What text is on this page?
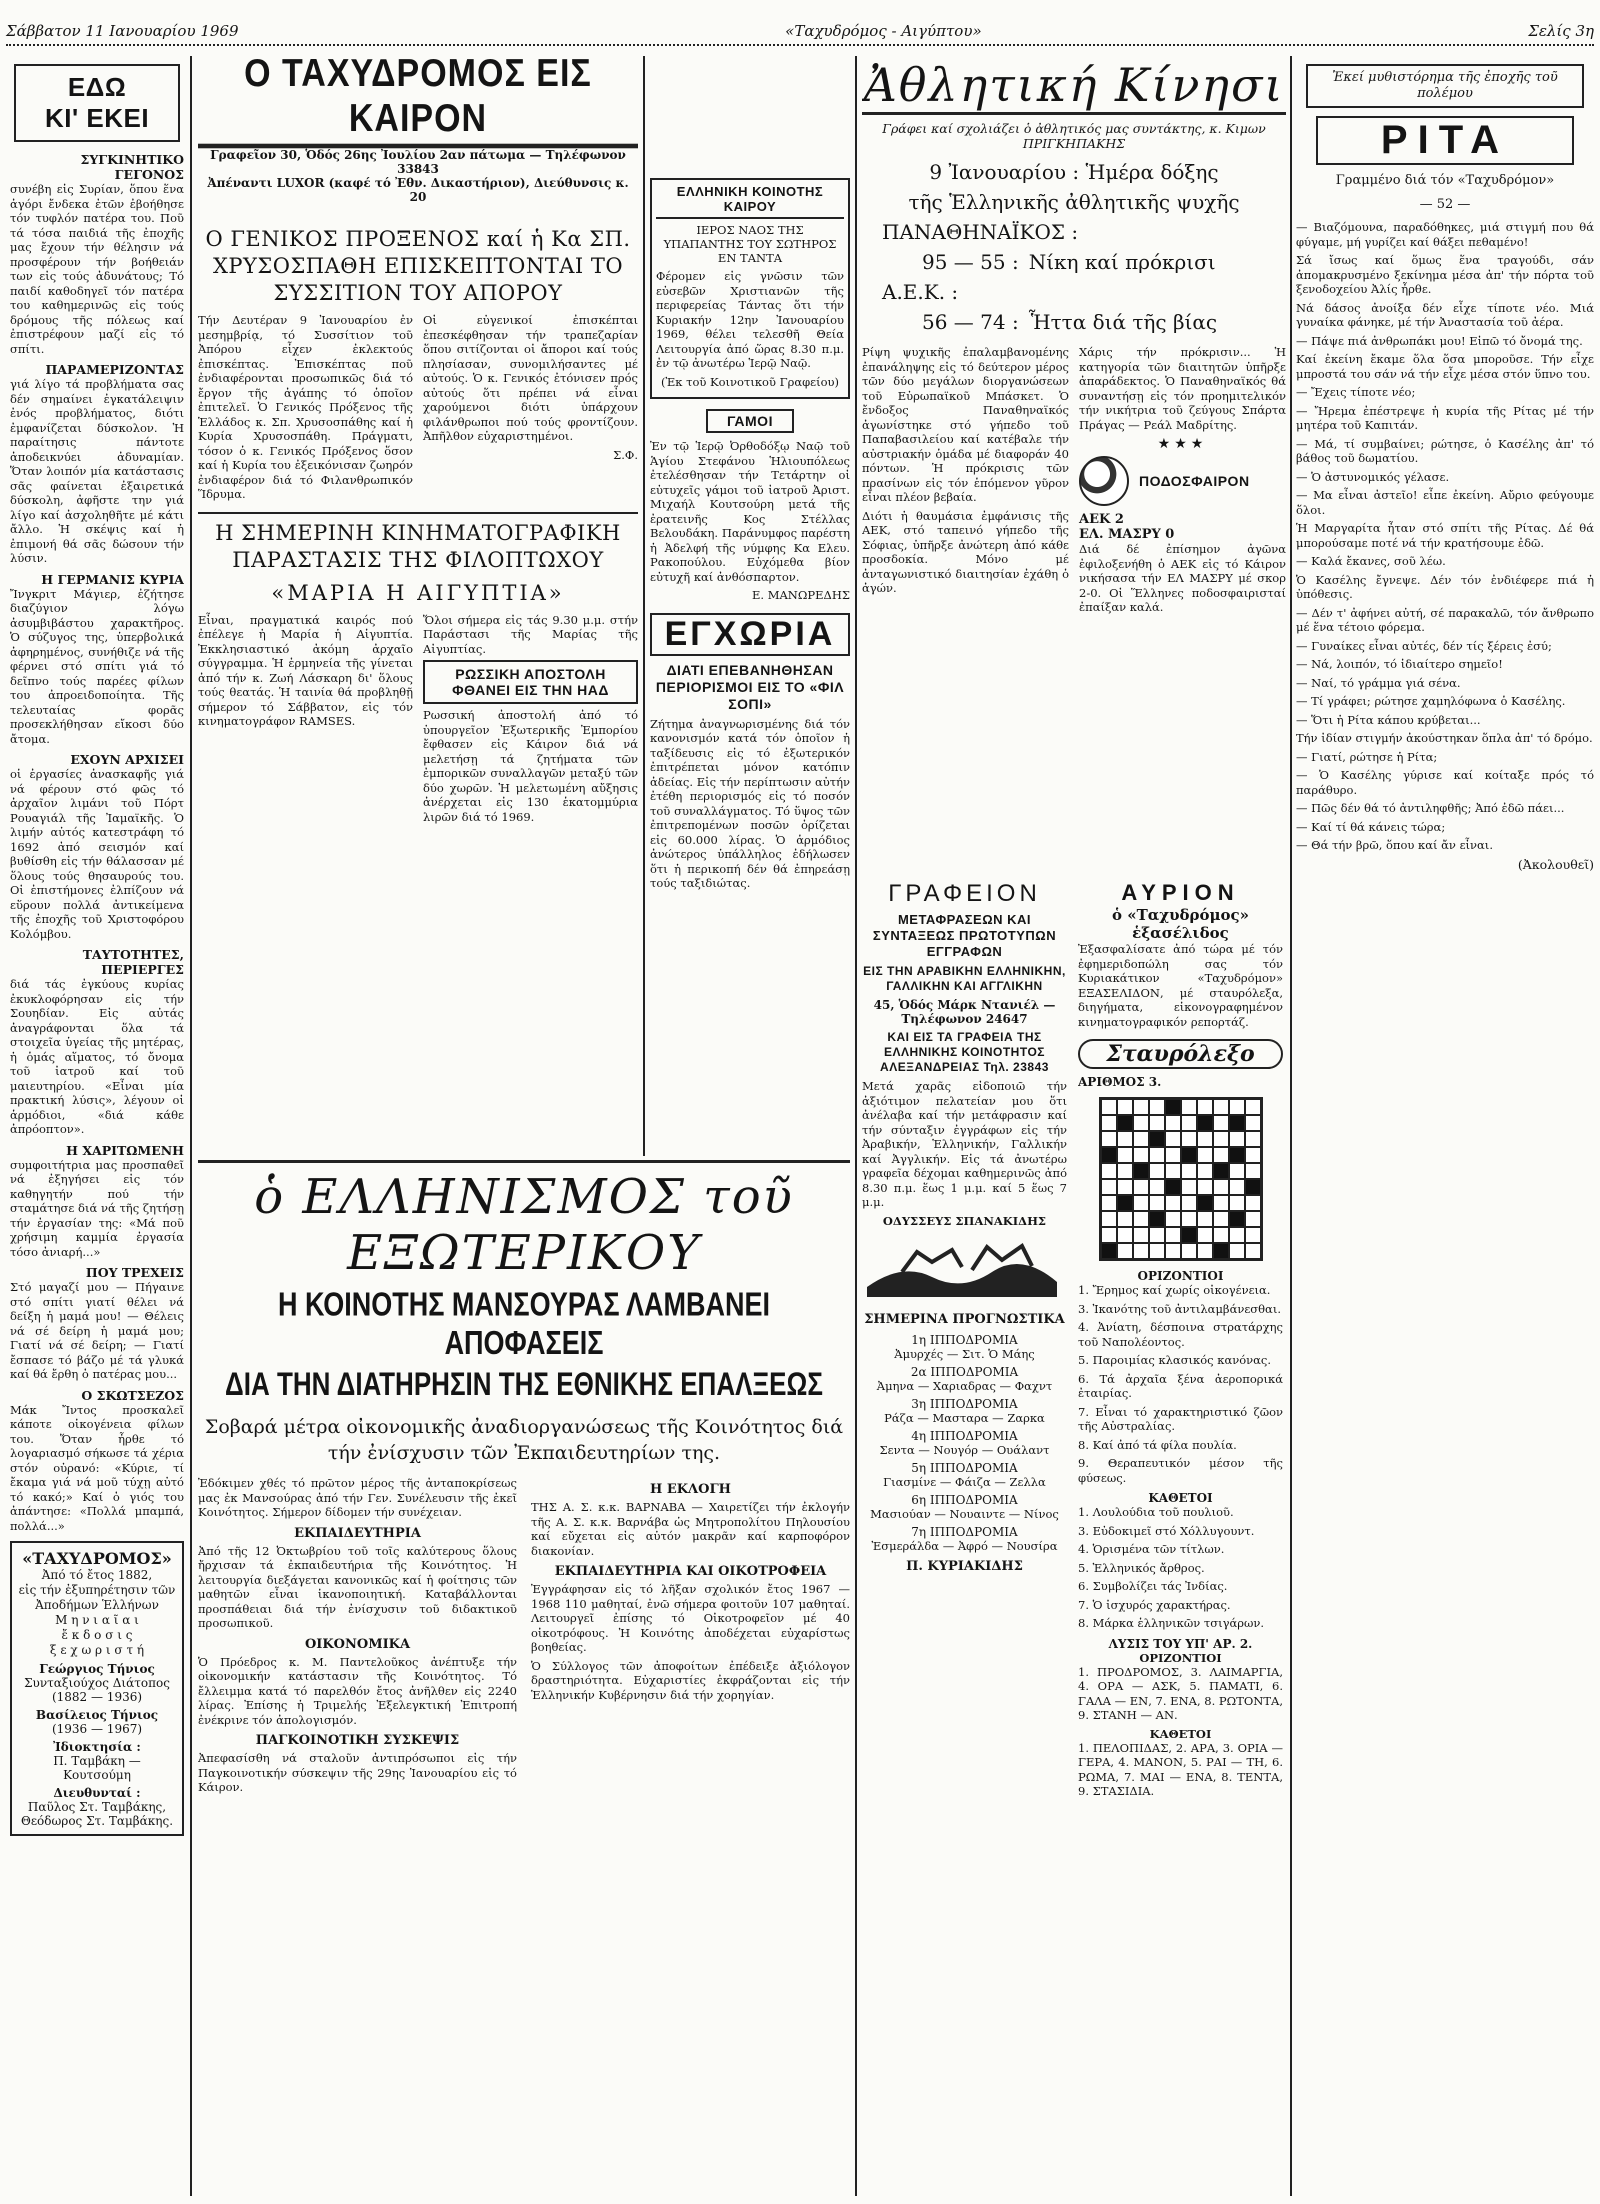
Σάββατον 11 Ιανουαρίου 1969	«Ταχυδρόμος - Αιγύπτου»	Σελίς 3η
ΕΔΩ
ΚΙ' ΕΚΕΙ
ΣΥΓΚΙΝΗΤΙΚΟ ΓΕΓΟΝΟΣ

συνέβη εἰς Συρίαν, ὅπου ἕνα ἀγόρι ἔνδεκα ἐτῶν ἐβοήθησε τόν τυφλόν πατέρα του. Ποῦ τά τόσα παιδιά τῆς ἐποχῆς μας ἔχουν τήν θέλησιν νά προσφέρουν τήν βοήθειάν των εἰς τούς ἀδυνάτους; Τό παιδί καθοδηγεῖ τόν πατέρα του καθημερινῶς εἰς τούς δρόμους τῆς πόλεως καί ἐπιστρέφουν μαζί εἰς τό σπίτι.

ΠΑΡΑΜΕΡΙΖΟΝΤΑΣ

γιά λίγο τά προβλήματα σας δέν σημαίνει ἐγκατάλειψιν ἐνός προβλήματος, διότι ἐμφανίζεται δύσκολον. Ἡ παραίτησις πάντοτε ἀποδεικνύει ἀδυναμίαν. Ὅταν λοιπόν μία κατάστασις σᾶς φαίνεται ἐξαιρετικά δύσκολη, ἀφῆστε την γιά λίγο καί ἀσχοληθῆτε μέ κάτι ἄλλο. Ἡ σκέψις καί ἡ ἐπιμονή θά σᾶς δώσουν τήν λύσιν.

Η ΓΕΡΜΑΝΙΣ ΚΥΡΙΑ

Ἴνγκριτ Μάγιερ, ἐζήτησε διαζύγιον λόγω ἀσυμβιβάστου χαρακτῆρος. Ὁ σύζυγος της, ὑπερβολικά ἀφηρημένος, συνήθιζε νά τῆς φέρνει στό σπίτι γιά τό δεῖπνο τούς παρέες φίλων του ἀπροειδοποίητα. Τῆς τελευταίας φορᾶς προσεκλήθησαν εἴκοσι δύο ἄτομα.

ΕΧΟΥΝ ΑΡΧΙΣΕΙ

οἱ ἐργασίες ἀνασκαφῆς γιά νά φέρουν στό φῶς τό ἀρχαῖον λιμάνι τοῦ Πόρτ Ρουαγιάλ τῆς Ἰαμαϊκῆς. Ὁ λιμήν αὐτός κατεστράφη τό 1692 ἀπό σεισμόν καί βυθίσθη εἰς τήν θάλασσαν μέ ὅλους τούς θησαυρούς του. Οἱ ἐπιστήμονες ἐλπίζουν νά εὕρουν πολλά ἀντικείμενα τῆς ἐποχῆς τοῦ Χριστοφόρου Κολόμβου.

ΤΑΥΤΟΤΗΤΕΣ, ΠΕΡΙΕΡΓΕΣ

διά τάς ἐγκύους κυρίας ἐκυκλοφόρησαν εἰς τήν Σουηδίαν. Εἰς αὐτάς ἀναγράφονται ὅλα τά στοιχεῖα ὑγείας τῆς μητέρας, ἡ ὁμάς αἵματος, τό ὄνομα τοῦ ἰατροῦ καί τοῦ μαιευτηρίου. «Εἶναι μία πρακτική λύσις», λέγουν οἱ ἁρμόδιοι, «διά κάθε ἀπρόοπτον».

Η ΧΑΡΙΤΩΜΕΝΗ

συμφοιτήτρια μας προσπαθεῖ νά ἐξηγήσει εἰς τόν καθηγητήν πού τήν σταμάτησε διά νά τῆς ζητήσῃ τήν ἐργασίαν της: «Μά ποῦ χρήσιμη καμμία ἐργασία τόσο ἀνιαρή...»

ΠΟΥ ΤΡΕΧΕΙΣ

Στό μαγαζί μου — Πήγαινε στό σπίτι γιατί θέλει νά δείξη ἡ μαμά μου! — Θέλεις νά σέ δείρη ἡ μαμά μου; Γιατί νά σέ δείρη; — Γιατί ἔσπασε τό βάζο μέ τά γλυκά καί θά ἔρθη ὁ πατέρας μου...

Ο ΣΚΩΤΣΕΖΟΣ

Μάκ Ἴντος προσκαλεῖ κάποτε οἰκογένεια φίλων του. Ὅταν ἦρθε τό λογαριασμό σήκωσε τά χέρια στόν οὐρανό: «Κύριε, τί ἔκαμα γιά νά μοῦ τύχῃ αὐτό τό κακό;» Καί ὁ γιός του ἀπάντησε: «Πολλά μπαμπά, πολλά...»

«ΤΑΧΥΔΡΟΜΟΣ»
Ἀπό τό ἔτος 1882,
εἰς τήν ἐξυπηρέτησιν τῶν
Ἀποδήμων Ἑλλήνων
Μ η ν ι α ῖ α ι
ἔ κ δ ο σ ι ς
ξ ε χ ω ρ ι σ τ ή
Γεώργιος Τήνιος
Συνταξιούχος Διάτοπος
(1882 — 1936)
Βασίλειος Τήνιος
(1936 — 1967)
Ἰδιοκτησία :
Π. Ταμβάκη — Κουτσούμη
Διευθυνταί :
Παῦλος Στ. Ταμβάκης, Θεόδωρος Στ. Ταμβάκης.
Ο ΤΑΧΥΔΡΟΜΟΣ ΕΙΣ ΚΑΙΡΟΝ
Γραφεῖον 30, Ὁδός 26ης Ἰουλίου 2αν πάτωμα — Τηλέφωνον 33843
Ἀπέναντι LUXOR (καφέ τό Ἐθν. Δικαστήριον), Διεύθυνσις κ. 20
Ο ΓΕΝΙΚΟΣ ΠΡΟΞΕΝΟΣ καί ἡ Κα ΣΠ. ΧΡΥΣΟΣΠΑΘΗ ΕΠΙΣΚΕΠΤΟΝΤΑΙ ΤΟ ΣΥΣΣΙΤΙΟΝ ΤΟΥ ΑΠΟΡΟΥ

Τήν Δευτέραν 9 Ἰανουαρίου ἐν μεσημβρίᾳ, τό Συσσίτιον τοῦ Ἀπόρου εἶχεν ἐκλεκτούς ἐπισκέπτας. Ἐπισκέπτας ποῦ ἐνδιαφέρονται προσωπικῶς διά τό ἔργον τῆς ἀγάπης τό ὁποῖον ἐπιτελεῖ. Ὁ Γενικός Πρόξενος τῆς Ἑλλάδος κ. Σπ. Χρυσοσπάθης καί ἡ Κυρία Χρυσοσπάθη. Πράγματι, τόσον ὁ κ. Γενικός Πρόξενος ὅσον καί ἡ Κυρία του ἐξεικόνισαν ζωηρόν ἐνδιαφέρον διά τό Φιλανθρωπικόν Ἵδρυμα.

Οἱ εὐγενικοί ἐπισκέπται ἐπεσκέφθησαν τήν τραπεζαρίαν ὅπου σιτίζονται οἱ ἄποροι καί τούς πλησίασαν, συνομιλήσαντες μέ αὐτούς. Ὁ κ. Γενικός ἐτόνισεν πρός αὐτούς ὅτι πρέπει νά εἶναι χαρούμενοι διότι ὑπάρχουν φιλάνθρωποι πού τούς φροντίζουν. Ἀπῆλθον εὐχαριστημένοι.

Σ.Φ.

Η ΣΗΜΕΡΙΝΗ ΚΙΝΗΜΑΤΟΓΡΑΦΙΚΗ ΠΑΡΑΣΤΑΣΙΣ ΤΗΣ ΦΙΛΟΠΤΩΧΟΥ
«ΜΑΡΙΑ Η ΑΙΓΥΠΤΙΑ»

Εἶναι, πραγματικά καιρός πού ἐπέλεγε ἡ Μαρία ἡ Αἰγυπτία. Ἐκκλησιαστικό ἀκόμη ἀρχαῖο σύγγραμμα. Ἡ ἑρμηνεία τῆς γίνεται ἀπό τήν κ. Ζωή Λάσκαρη δι' ὅλους τούς θεατάς. Ἡ ταινία θά προβληθῇ σήμερον τό Σάββατον, εἰς τόν κινηματογράφον RAMSES.

Ὅλοι σήμερα εἰς τάς 9.30 μ.μ. στήν Παράστασι τῆς Μαρίας τῆς Αἰγυπτίας.

ΡΩΣΣΙΚΗ ΑΠΟΣΤΟΛΗ ΦΘΑΝΕΙ ΕΙΣ ΤΗΝ ΗΑΔ

Ρωσσική ἀποστολή ἀπό τό ὑπουργεῖον Ἐξωτερικῆς Ἐμπορίου ἔφθασεν εἰς Κάιρον διά νά μελετήσῃ τά ζητήματα τῶν ἐμπορικῶν συναλλαγῶν μεταξύ τῶν δύο χωρῶν. Ἡ μελετωμένη αὔξησις ἀνέρχεται εἰς 130 ἑκατομμύρια λιρῶν διά τό 1969.

ὁ ΕΛΛΗΝΙΣΜΟΣ τοῦ ΕΞΩΤΕΡΙΚΟΥ
Η ΚΟΙΝΟΤΗΣ ΜΑΝΣΟΥΡΑΣ ΛΑΜΒΑΝΕΙ ΑΠΟΦΑΣΕΙΣ
ΔΙΑ ΤΗΝ ΔΙΑΤΗΡΗΣΙΝ ΤΗΣ ΕΘΝΙΚΗΣ ΕΠΑΛΞΕΩΣ
Σοβαρά μέτρα οἰκονομικῆς ἀναδιοργανώσεως τῆς Κοινότητος διά τήν ἐνίσχυσιν τῶν Ἐκπαιδευτηρίων της.

Ἐδόκιμεν χθές τό πρῶτον μέρος τῆς ἀνταποκρίσεως μας ἐκ Μανσούρας ἀπό τήν Γεν. Συνέλευσιν τῆς ἐκεῖ Κοινότητος. Σήμερον δίδομεν τήν συνέχειαν.

ΕΚΠΑΙΔΕΥΤΗΡΙΑ

Ἀπό τῆς 12 Ὀκτωβρίου τοῦ τοῖς καλύτερους ὅλους ἤρχισαν τά ἐκπαιδευτήρια τῆς Κοινότητος. Ἡ λειτουργία διεξάγεται κανονικῶς καί ἡ φοίτησις τῶν μαθητῶν εἶναι ἱκανοποιητική. Καταβάλλονται προσπάθειαι διά τήν ἐνίσχυσιν τοῦ διδακτικοῦ προσωπικοῦ.

ΟΙΚΟΝΟΜΙΚΑ

Ὁ Πρόεδρος κ. Μ. Παντελοῦκος ἀνέπτυξε τήν οἰκονομικήν κατάστασιν τῆς Κοινότητος. Τό ἔλλειμμα κατά τό παρελθόν ἔτος ἀνῆλθεν εἰς 2240 λίρας. Ἐπίσης ἡ Τριμελής Ἐξελεγκτική Ἐπιτροπή ἐνέκρινε τόν ἀπολογισμόν.

ΠΑΓΚΟΙΝΟΤΙΚΗ ΣΥΣΚΕΨΙΣ

Ἀπεφασίσθη νά σταλοῦν ἀντιπρόσωποι εἰς τήν Παγκοινοτικήν σύσκεψιν τῆς 29ης Ἰανουαρίου εἰς τό Κάιρον.

Η ΕΚΛΟΓΗ

ΤΗΣ Α. Σ. κ.κ. ΒΑΡΝΑΒΑ — Χαιρετίζει τήν ἐκλογήν τῆς Α. Σ. κ.κ. Βαρνάβα ὡς Μητροπολίτου Πηλουσίου καί εὔχεται εἰς αὐτόν μακρᾶν καί καρποφόρον διακονίαν.

ΕΚΠΑΙΔΕΥΤΗΡΙΑ ΚΑΙ ΟΙΚΟΤΡΟΦΕΙΑ

Ἐγγράφησαν εἰς τό λῆξαν σχολικόν ἔτος 1967 — 1968 110 μαθηταί, ἐνῶ σήμερα φοιτοῦν 107 μαθηταί. Λειτουργεῖ ἐπίσης τό Οἰκοτροφεῖον μέ 40 οἰκοτρόφους. Ἡ Κοινότης ἀποδέχεται εὐχαρίστως βοηθείας.

Ὁ Σύλλογος τῶν ἀποφοίτων ἐπέδειξε ἀξιόλογον δραστηριότητα. Εὐχαριστίες ἐκφράζονται εἰς τήν Ἑλληνικήν Κυβέρνησιν διά τήν χορηγίαν.

ΕΛΛΗΝΙΚΗ ΚΟΙΝΟΤΗΣ ΚΑΙΡΟΥ
ΙΕΡΟΣ ΝΑΟΣ ΤΗΣ ΥΠΑΠΑΝΤΗΣ ΤΟΥ ΣΩΤΗΡΟΣ ΕΝ ΤΑΝΤΑ

Φέρομεν εἰς γνῶσιν τῶν εὐσεβῶν Χριστιανῶν τῆς περιφερείας Τάντας ὅτι τήν Κυριακήν 12ην Ἰανουαρίου 1969, θέλει τελεσθῆ Θεία Λειτουργία ἀπό ὥρας 8.30 π.μ. ἐν τῷ ἀνωτέρω Ἱερῷ Ναῷ.

(Ἐκ τοῦ Κοινοτικοῦ Γραφείου)

ΓΑΜΟΙ

Ἐν τῷ Ἱερῷ Ὀρθοδόξῳ Ναῷ τοῦ Ἁγίου Στεφάνου Ἡλιουπόλεως ἐτελέσθησαν τήν Τετάρτην οἱ εὐτυχεῖς γάμοι τοῦ ἰατροῦ Ἀριστ. Μιχαήλ Κουτσούρη μετά τῆς ἐρατεινῆς Κος Στέλλας Βελουδάκη. Παράνυμφος παρέστη ἡ Ἀδελφή τῆς νύμφης Κα Ελευ. Ρακοπούλου. Εὐχόμεθα βίον εὐτυχῆ καί ἀνθόσπαρτον.

Ε. ΜΑΝΩΡΕΔΗΣ

ΕΓΧΩΡΙΑ
ΔΙΑΤΙ ΕΠΕΒΑΝΗΘΗΣΑΝ ΠΕΡΙΟΡΙΣΜΟΙ ΕΙΣ ΤΟ «ΦΙΛ ΣΟΠΙ»

Ζήτημα ἀναγνωρισμένης διά τόν κανονισμόν κατά τόν ὁποῖον ἡ ταξίδευσις εἰς τό ἐξωτερικόν ἐπιτρέπεται μόνον κατόπιν ἀδείας. Εἰς τήν περίπτωσιν αὐτήν ἐτέθη περιορισμός εἰς τό ποσόν τοῦ συναλλάγματος. Τό ὕψος τῶν ἐπιτρεπομένων ποσῶν ὁρίζεται εἰς 60.000 λίρας. Ὁ ἁρμόδιος ἀνώτερος ὑπάλληλος ἐδήλωσεν ὅτι ἡ περικοπή δέν θά ἐπηρεάσῃ τούς ταξιδιώτας.	ΓΡΑΦΕΙΟΝ
ΜΕΤΑΦΡΑΣΕΩΝ ΚΑΙ ΣΥΝΤΑΞΕΩΣ ΠΡΩΤΟΤΥΠΩΝ ΕΓΓΡΑΦΩΝ
ΕΙΣ ΤΗΝ ΑΡΑΒΙΚΗΝ ΕΛΛΗΝΙΚΗΝ, ΓΑΛΛΙΚΗΝ ΚΑΙ ΑΓΓΛΙΚΗΝ
45, Ὁδός Μάρκ Ντανιέλ — Τηλέφωνον 24647
ΚΑΙ ΕΙΣ ΤΑ ΓΡΑΦΕΙΑ ΤΗΣ ΕΛΛΗΝΙΚΗΣ ΚΟΙΝΟΤΗΤΟΣ ΑΛΕΞΑΝΔΡΕΙΑΣ Τηλ. 23843

Μετά χαρᾶς εἰδοποιῶ τήν ἀξιότιμον πελατείαν μου ὅτι ἀνέλαβα καί τήν μετάφρασιν καί τήν σύνταξιν ἐγγράφων εἰς τήν Ἀραβικήν, Ἑλληνικήν, Γαλλικήν καί Ἀγγλικήν. Εἰς τά ἀνωτέρω γραφεῖα δέχομαι καθημερινῶς ἀπό 8.30 π.μ. ἕως 1 μ.μ. καί 5 ἕως 7 μ.μ.

ΟΔΥΣΣΕΥΣ ΣΠΑΝΑΚΙΔΗΣ

ΣΗΜΕΡΙΝΑ ΠΡΟΓΝΩΣΤΙΚΑ
1η ΙΠΠΟΔΡΟΜΙΑ
Ἀμυρχές — Σιτ. Ὁ Μάης
2α ΙΠΠΟΔΡΟΜΙΑ
Ἀμηνα — Χαριαδρας — Φαχντ
3η ΙΠΠΟΔΡΟΜΙΑ
Ράζα — Μασταρα — Ζαρκα
4η ΙΠΠΟΔΡΟΜΙΑ
Σεντα — Νουγόρ — Ουάλαντ
5η ΙΠΠΟΔΡΟΜΙΑ
Γιασμίνε — Φάιζα — Ζελλα
6η ΙΠΠΟΔΡΟΜΙΑ
Μασιούαν — Νουαιντε — Νίνος
7η ΙΠΠΟΔΡΟΜΙΑ
Ἐσμεράλδα — Ἀφρό — Νουσίρα
Π. ΚΥΡΙΑΚΙΔΗΣ
Ἀθλητική Κίνησι
Γράφει καί σχολιάζει ὁ ἀθλητικός μας συντάκτης, κ. Κιμων ΠΡΙΓΚΗΠΑΚΗΣ
9 Ἰανουαρίου : Ἡμέρα δόξης
τῆς Ἑλληνικῆς ἀθλητικῆς ψυχῆς
ΠΑΝΑΘΗΝΑΪΚΟΣ :
95 — 55 : Νίκη καί πρόκρισι
Α.Ε.Κ. :
56 — 74 : Ἧττα διά τῆς βίας

Ρίψη ψυχικῆς ἐπαλαμβανομένης ἐπανάληψης εἰς τό δεύτερον μέρος τῶν δύο μεγάλων διοργανώσεων τοῦ Εὐρωπαϊκοῦ Μπάσκετ. Ὁ ἔνδοξος Παναθηναϊκός ἀγωνίστηκε στό γήπεδο τοῦ Παπαβασιλείου καί κατέβαλε τήν αὐστριακήν ὁμάδα μέ διαφοράν 40 πόντων. Ἡ πρόκρισις τῶν πρασίνων εἰς τόν ἑπόμενον γῦρον εἶναι πλέον βεβαία.

Διότι ἡ θαυμάσια ἐμφάνισις τῆς ΑΕΚ, στό ταπεινό γήπεδο τῆς Σόφιας, ὑπῆρξε ἀνώτερη ἀπό κάθε προσδοκία. Μόνο μέ ἀνταγωνιστικό διαιτησίαν ἐχάθη ὁ ἀγών.

Χάρις τήν πρόκρισιν... Ἡ κατηγορία τῶν διαιτητῶν ὑπῆρξε ἀπαράδεκτος. Ὁ Παναθηναϊκός θά συναντήσῃ εἰς τόν προημιτελικόν τήν νικήτρια τοῦ ζεύγους Σπάρτα Πράγας — Ρεάλ Μαδρίτης.

★★★
ΠΟΔΟΣΦΑΙΡΟΝ
ΑΕΚ 2
ΕΛ. ΜΑΣΡΥ 0

Διά δέ ἐπίσημον ἀγῶνα ἐφιλοξενήθη ὁ ΑΕΚ εἰς τό Κάιρον νικήσασα τήν ΕΛ ΜΑΣΡΥ μέ σκορ 2-0. Οἱ Ἕλληνες ποδοσφαιρισταί ἐπαίξαν καλά.

ΑΥΡΙΟΝ
ὁ «Ταχυδρόμος»
ἑξασέλιδος

Ἐξασφαλίσατε ἀπό τώρα μέ τόν ἐφημεριδοπώλη σας τόν Κυριακάτικον «Ταχυδρόμον» ΕΞΑΣΕΛΙΔΟΝ, μέ σταυρόλεξα, διηγήματα, εἰκονογραφημένον κινηματογραφικόν ρεπορτάζ.

Σταυρόλεξο
ΑΡΙΘΜΟΣ 3.
ΟΡΙΖΟΝΤΙΟΙ

1. Ἔρημος καί χωρίς οἰκογένεια.

3. Ἰκανότης τοῦ ἀντιλαμβάνεσθαι.

4. Ἀνίατη, δέσποινα στρατάρχης τοῦ Ναπολέοντος.

5. Παροιμίας κλασικός κανόνας.

6. Τά ἀρχαῖα ξένα ἀεροπορικά ἐταιρίας.

7. Εἶναι τό χαρακτηριστικό ζῶον τῆς Αὐστραλίας.

8. Καί ἀπό τά φίλα πουλία.

9. Θεραπευτικόν μέσον τῆς φύσεως.

ΚΑΘΕΤΟΙ

1. Λουλούδια τοῦ πουλιοῦ.

3. Εὐδοκιμεῖ στό Χόλλυγουντ.

4. Ὁρισμένα τῶν τίτλων.

5. Ἑλληνικός ἄρθρος.

6. Συμβολίζει τάς Ἰνδίας.

7. Ὁ ἰσχυρός χαρακτήρας.

8. Μάρκα ἑλληνικῶν τσιγάρων.

ΛΥΣΙΣ ΤΟΥ ΥΠ' ΑΡ. 2.
ΟΡΙΖΟΝΤΙΟΙ

1. ΠΡΟΔΡΟΜΟΣ, 3. ΛΑΙΜΑΡΓΙΑ, 4. ΟΡΑ — ΑΣΚ, 5. ΠΑΜΑΤΙ, 6. ΓΑΛΑ — ΕΝ, 7. ΕΝΑ, 8. ΡΩΤΟΝΤΑ, 9. ΣΤΑΝΗ — ΑΝ.

ΚΑΘΕΤΟΙ

1. ΠΕΛΟΠΙΔΑΣ, 2. ΑΡΑ, 3. ΟΡΙΑ — ΓΕΡΑ, 4. ΜΑΝΟΝ, 5. ΡΑΙ — ΤΗ, 6. ΡΩΜΑ, 7. ΜΑΙ — ΕΝΑ, 8. ΤΕΝΤΑ, 9. ΣΤΑΣΙΔΙΑ.

Ἐκεί μυθιστόρημα τῆς ἐποχῆς τοῦ πολέμου
ΡΙΤΑ
Γραμμένο διά τόν «Ταχυδρόμον»
— 52 —

— Βιαζόμουνα, παραδόθηκες, μιά στιγμή που θά φύγαμε, μή γυρίζει καί θάξει πεθαμένο!

Σά ἴσως καί ὅμως ἕνα τραγούδι, σάν ἀπομακρυσμένο ξεκίνημα μέσα ἀπ' τήν πόρτα τοῦ ξενοδοχείου Ἀλίς ἦρθε.

Νά δάσος ἀνοίξα δέν εἶχε τίποτε νέο. Μιά γυναίκα φάνηκε, μέ τήν Ἀναστασία τοῦ ἀέρα.

— Πάψε πιά ἀνθρωπάκι μου! Εἰπῶ τό ὄνομά της.

Καί ἐκείνη ἔκαμε ὅλα ὅσα μποροῦσε. Τήν εἶχε μπροστά του σάν νά τήν εἶχε μέσα στόν ὕπνο του.

— Ἔχεις τίποτε νέο;

— Ἤρεμα ἐπέστρεψε ἡ κυρία τῆς Ρίτας μέ τήν μητέρα τοῦ Καπιτάν.

— Μά, τί συμβαίνει; ρώτησε, ὁ Κασέλης ἀπ' τό βάθος τοῦ δωματίου.

— Ὁ ἀστυνομικός γέλασε.

— Μα εἶναι ἀστεῖο! εἶπε ἐκείνη. Αὔριο φεύγουμε ὅλοι.

Ἡ Μαργαρίτα ἦταν στό σπίτι τῆς Ρίτας. Δέ θά μπορούσαμε ποτέ νά τήν κρατήσουμε ἐδῶ.

— Καλά ἔκανες, σοῦ λέω.

Ὁ Κασέλης ἔγνεψε. Δέν τόν ἐνδιέφερε πιά ἡ ὑπόθεσις.

— Δέν τ' ἀφήνει αὐτή, σέ παρακαλῶ, τόν ἄνθρωπο μέ ἕνα τέτοιο φόρεμα.

— Γυναίκες εἶναι αὐτές, δέν τίς ξέρεις ἐσύ;

— Νά, λοιπόν, τό ἰδιαίτερο σημεῖο!

— Ναί, τό γράμμα γιά σένα.

— Τί γράφει; ρώτησε χαμηλόφωνα ὁ Κασέλης.

— Ὅτι ἡ Ρίτα κάπου κρύβεται...

Τήν ἰδίαν στιγμήν ἀκούστηκαν ὅπλα ἀπ' τό δρόμο.

— Γιατί, ρώτησε ἡ Ρίτα;

— Ὁ Κασέλης γύρισε καί κοίταξε πρός τό παράθυρο.

— Πῶς δέν θά τό ἀντιληφθῆς; Ἀπό ἐδῶ πάει...

— Καί τί θά κάνεις τώρα;

— Θά τήν βρῶ, ὅπου καί ἄν εἶναι.

(Ἀκολουθεῖ)
